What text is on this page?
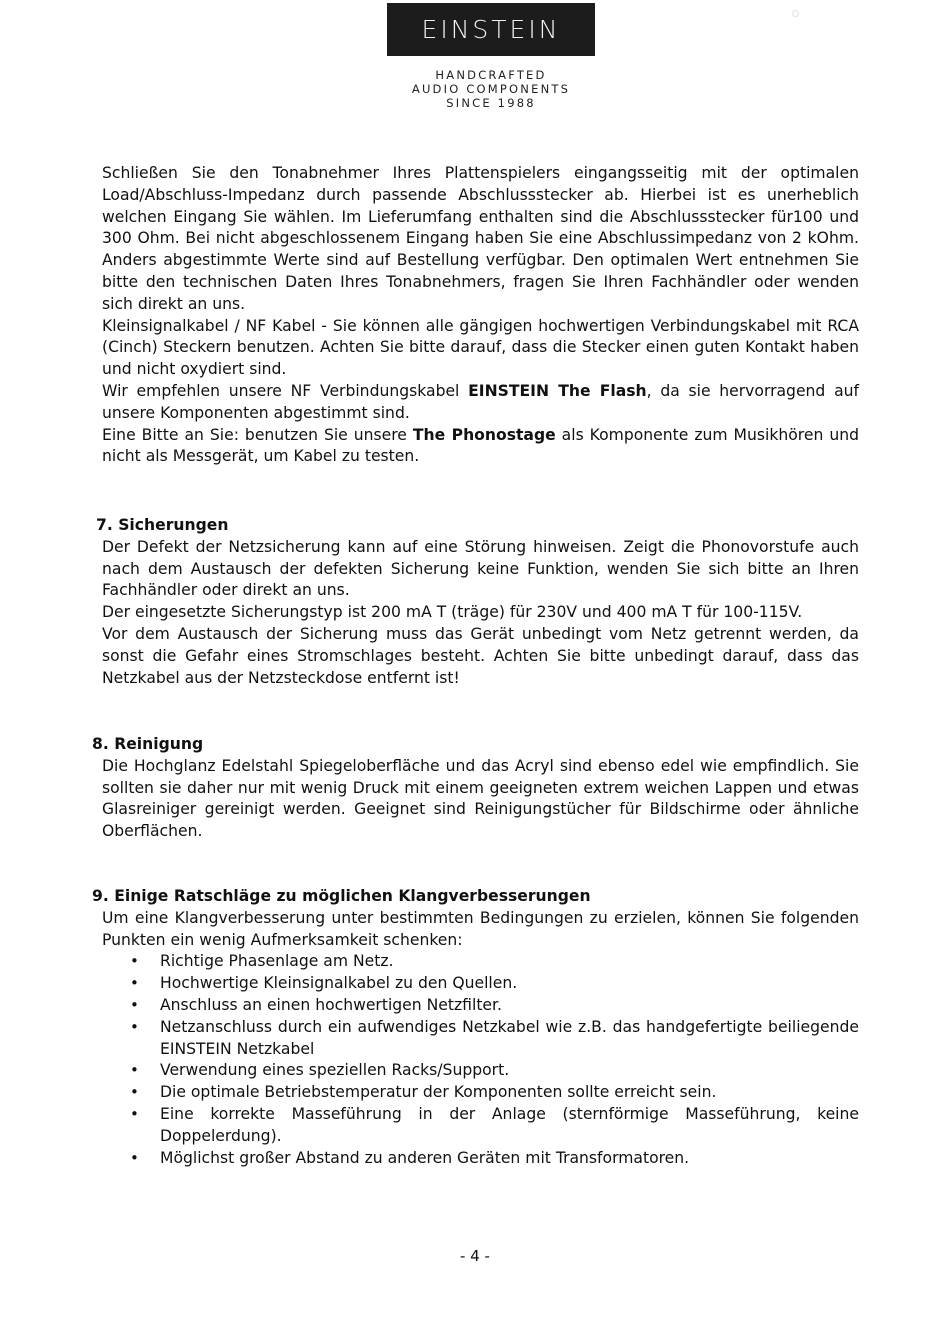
EINSTEIN
HANDCRAFTED
AUDIO COMPONENTS
SINCE 1988

Schließen Sie den Tonabnehmer Ihres Plattenspielers eingangsseitig mit der optimalen Load/Abschluss-Impedanz durch passende Abschlussstecker ab. Hierbei ist es unerheblich welchen Eingang Sie wählen. Im Lieferumfang enthalten sind die Abschlussstecker für100 und 300 Ohm. Bei nicht abgeschlossenem Eingang haben Sie eine Abschlussimpedanz von 2 kOhm. Anders abgestimmte Werte sind auf Bestellung verfügbar. Den optimalen Wert entnehmen Sie bitte den technischen Daten Ihres Tonabnehmers, fragen Sie Ihren Fachhändler oder wenden sich direkt an uns.

Kleinsignalkabel / NF Kabel - Sie können alle gängigen hochwertigen Verbindungskabel mit RCA (Cinch) Steckern benutzen. Achten Sie bitte darauf, dass die Stecker einen guten Kontakt haben und nicht oxydiert sind.

Wir empfehlen unsere NF Verbindungskabel EINSTEIN The Flash, da sie hervorragend auf unsere Komponenten abgestimmt sind.

Eine Bitte an Sie: benutzen Sie unsere The Phonostage als Komponente zum Musikhören und nicht als Messgerät, um Kabel zu testen.

7. Sicherungen

Der Defekt der Netzsicherung kann auf eine Störung hinweisen. Zeigt die Phonovorstufe auch nach dem Austausch der defekten Sicherung keine Funktion, wenden Sie sich bitte an Ihren Fachhändler oder direkt an uns.

Der eingesetzte Sicherungstyp ist 200 mA T (träge) für 230V und 400 mA T für 100-115V.

Vor dem Austausch der Sicherung muss das Gerät unbedingt vom Netz getrennt werden, da sonst die Gefahr eines Stromschlages besteht. Achten Sie bitte unbedingt darauf, dass das Netzkabel aus der Netzsteckdose entfernt ist!

8. Reinigung

Die Hochglanz Edelstahl Spiegeloberfläche und das Acryl sind ebenso edel wie empfindlich. Sie sollten sie daher nur mit wenig Druck mit einem geeigneten extrem weichen Lappen und etwas Glasreiniger gereinigt werden. Geeignet sind Reinigungstücher für Bildschirme oder ähnliche Oberflächen.

9. Einige Ratschläge zu möglichen Klangverbesserungen

Um eine Klangverbesserung unter bestimmten Bedingungen zu erzielen, können Sie folgenden Punkten ein wenig Aufmerksamkeit schenken:

• Richtige Phasenlage am Netz.
• Hochwertige Kleinsignalkabel zu den Quellen.
• Anschluss an einen hochwertigen Netzfilter.
• Netzanschluss durch ein aufwendiges Netzkabel wie z.B. das handgefertigte beiliegende EINSTEIN Netzkabel
• Verwendung eines speziellen Racks/Support.
• Die optimale Betriebstemperatur der Komponenten sollte erreicht sein.
• Eine korrekte Masseführung in der Anlage (sternförmige Masseführung, keine Doppelerdung).
• Möglichst großer Abstand zu anderen Geräten mit Transformatoren.
- 4 -
